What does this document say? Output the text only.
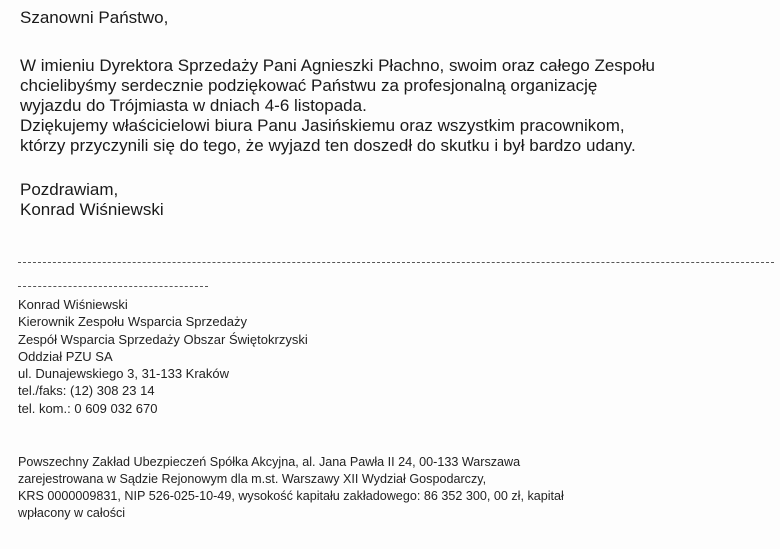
Szanowni Państwo,
W imieniu Dyrektora Sprzedaży Pani Agnieszki Płachno, swoim oraz całego Zespołu
chcielibyśmy serdecznie podziękować Państwu za profesjonalną organizację
wyjazdu do Trójmiasta w dniach 4-6 listopada.
Dziękujemy właścicielowi biura Panu Jasińskiemu oraz wszystkim pracownikom,
którzy przyczynili się do tego, że wyjazd ten doszedł do skutku i był bardzo udany.
Pozdrawiam,
Konrad Wiśniewski
Konrad Wiśniewski
Kierownik Zespołu Wsparcia Sprzedaży
Zespół Wsparcia Sprzedaży Obszar Świętokrzyski
Oddział PZU SA
ul. Dunajewskiego 3, 31-133 Kraków
tel./faks: (12) 308 23 14
tel. kom.: 0 609 032 670
Powszechny Zakład Ubezpieczeń Spółka Akcyjna, al. Jana Pawła II 24, 00-133 Warszawa
zarejestrowana w Sądzie Rejonowym dla m.st. Warszawy XII Wydział Gospodarczy,
KRS 0000009831, NIP 526-025-10-49, wysokość kapitału zakładowego: 86 352 300, 00 zł, kapitał
wpłacony w całości
